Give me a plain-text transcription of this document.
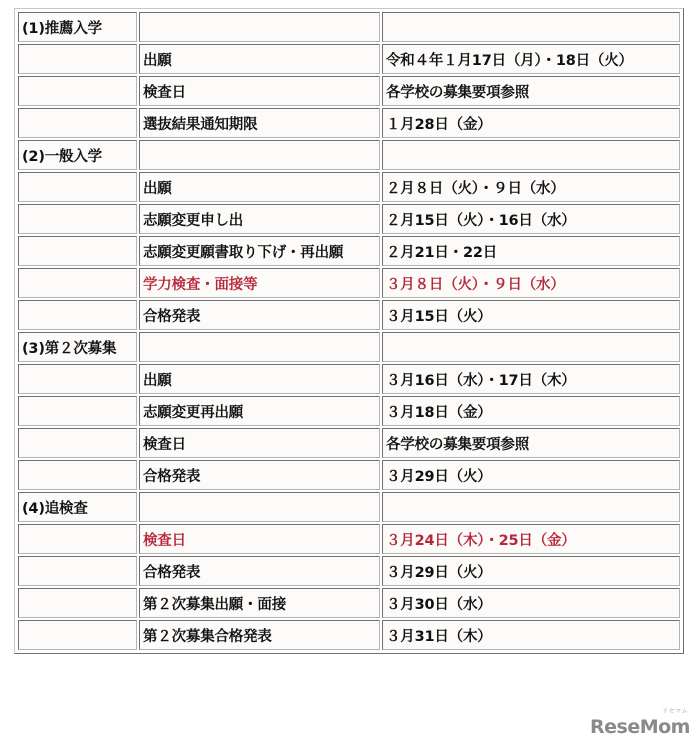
(1)推薦入学		
	出願	令和４年１月17日（月）・18日（火）
	検査日	各学校の募集要項参照
	選抜結果通知期限	１月28日（金）
(2)一般入学		
	出願	２月８日（火）・９日（水）
	志願変更申し出	２月15日（火）・16日（水）
	志願変更願書取り下げ・再出願	２月21日・22日
	学力検査・面接等	３月８日（火）・９日（水）
	合格発表	３月15日（火）
(3)第２次募集		
	出願	３月16日（水）・17日（木）
	志願変更再出願	３月18日（金）
	検査日	各学校の募集要項参照
	合格発表	３月29日（火）
(4)追検査		
	検査日	３月24日（木）・25日（金）
	合格発表	３月29日（火）
	第２次募集出願・面接	３月30日（水）
	第２次募集合格発表	３月31日（木）
リセマム
ReseMom
